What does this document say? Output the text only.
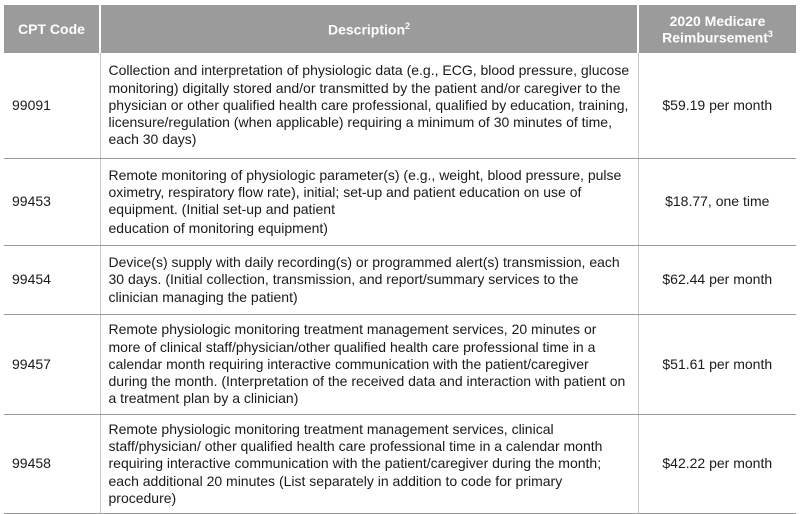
CPT Code	Description$^2$	2020 Medicare
Reimbursement$^3$
99091	Collection and interpretation of physiologic data (e.g., ECG, blood pressure, glucose monitoring) digitally stored and/or transmitted by the patient and/or caregiver to the physician or other qualified health care professional, qualified by education, training, licensure/regulation (when applicable) requiring a minimum of 30 minutes of time, each 30 days)	$59.19 per month
99453	Remote monitoring of physiologic parameter(s) (e.g., weight, blood pressure, pulse oximetry, respiratory flow rate), initial; set-up and patient education on use of equipment. (Initial set-up and patient
education of monitoring equipment)	$18.77, one time
99454	Device(s) supply with daily recording(s) or programmed alert(s) transmission, each 30 days. (Initial collection, transmission, and report/summary services to the clinician managing the patient)	$62.44 per month
99457	Remote physiologic monitoring treatment management services, 20 minutes or more of clinical staff/physician/other qualified health care professional time in a calendar month requiring interactive communication with the patient/caregiver during the month. (Interpretation of the received data and interaction with patient on a treatment plan by a clinician)	$51.61 per month
99458	Remote physiologic monitoring treatment management services, clinical staff/physician/ other qualified health care professional time in a calendar month requiring interactive communication with the patient/caregiver during the month; each additional 20 minutes (List separately in addition to code for primary procedure)	$42.22 per month
